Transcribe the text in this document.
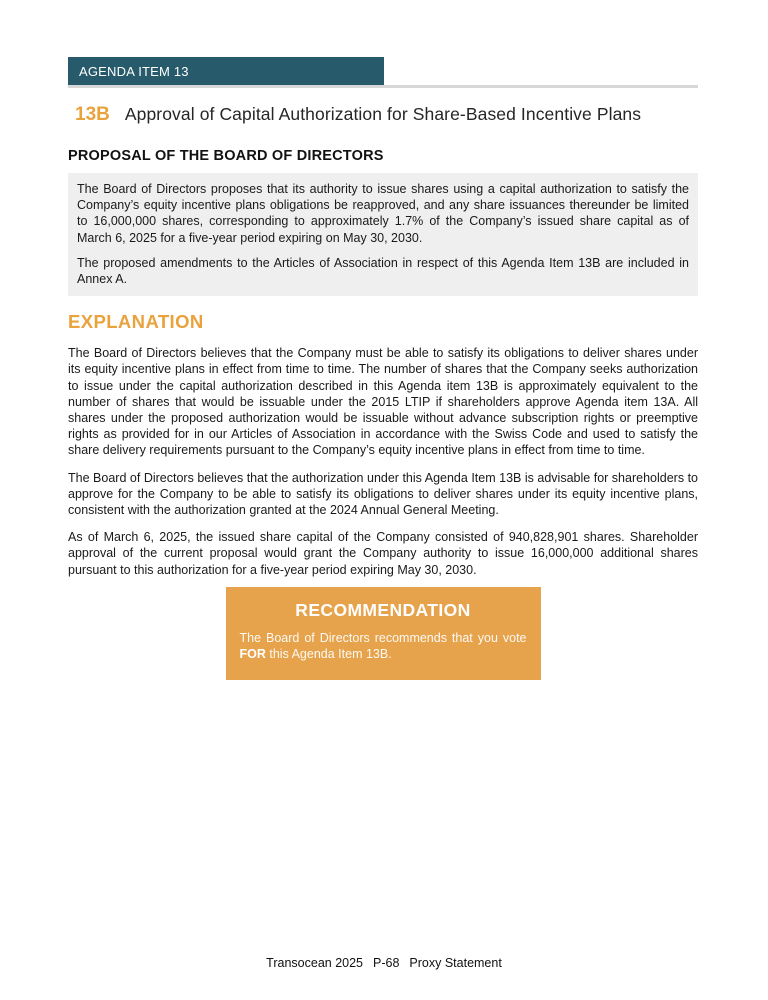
AGENDA ITEM 13
13B Approval of Capital Authorization for Share-Based Incentive Plans
PROPOSAL OF THE BOARD OF DIRECTORS

The Board of Directors proposes that its authority to issue shares using a capital authorization to satisfy the Company’s equity incentive plans obligations be reapproved, and any share issuances thereunder be limited to 16,000,000 shares, corresponding to approximately 1.7% of the Company’s issued share capital as of March 6, 2025 for a five-year period expiring on May 30, 2030.

The proposed amendments to the Articles of Association in respect of this Agenda Item 13B are included in Annex A.

EXPLANATION

The Board of Directors believes that the Company must be able to satisfy its obligations to deliver shares under its equity incentive plans in effect from time to time. The number of shares that the Company seeks authorization to issue under the capital authorization described in this Agenda item 13B is approximately equivalent to the number of shares that would be issuable under the 2015 LTIP if shareholders approve Agenda item 13A. All shares under the proposed authorization would be issuable without advance subscription rights or preemptive rights as provided for in our Articles of Association in accordance with the Swiss Code and used to satisfy the share delivery requirements pursuant to the Company’s equity incentive plans in effect from time to time.

The Board of Directors believes that the authorization under this Agenda Item 13B is advisable for shareholders to approve for the Company to be able to satisfy its obligations to deliver shares under its equity incentive plans, consistent with the authorization granted at the 2024 Annual General Meeting.

As of March 6, 2025, the issued share capital of the Company consisted of 940,828,901 shares. Shareholder approval of the current proposal would grant the Company authority to issue 16,000,000 additional shares pursuant to this authorization for a five-year period expiring May 30, 2030.

RECOMMENDATION
The Board of Directors recommends that you vote FOR this Agenda Item 13B.
Transocean 2025 P-68 Proxy Statement
